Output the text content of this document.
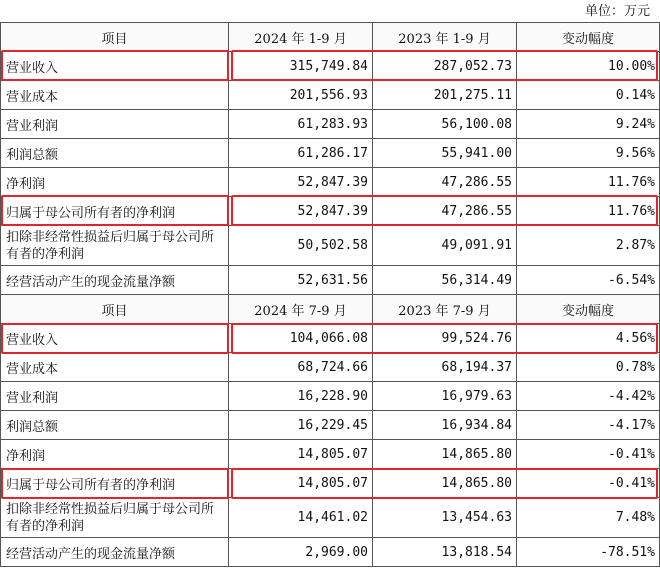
单位：万元
项目	2024 年 1-9 月	2023 年 1-9 月	变动幅度
营业收入	315,749.84	287,052.73	10.00%
营业成本	201,556.93	201,275.11	0.14%
营业利润	61,283.93	56,100.08	9.24%
利润总额	61,286.17	55,941.00	9.56%
净利润	52,847.39	47,286.55	11.76%
归属于母公司所有者的净利润	52,847.39	47,286.55	11.76%
扣除非经常性损益后归属于母公司所有者的净利润	50,502.58	49,091.91	2.87%
经营活动产生的现金流量净额	52,631.56	56,314.49	-6.54%
项目	2024 年 7-9 月	2023 年 7-9 月	变动幅度
营业收入	104,066.08	99,524.76	4.56%
营业成本	68,724.66	68,194.37	0.78%
营业利润	16,228.90	16,979.63	-4.42%
利润总额	16,229.45	16,934.84	-4.17%
净利润	14,805.07	14,865.80	-0.41%
归属于母公司所有者的净利润	14,805.07	14,865.80	-0.41%
扣除非经常性损益后归属于母公司所有者的净利润	14,461.02	13,454.63	7.48%
经营活动产生的现金流量净额	2,969.00	13,818.54	-78.51%
